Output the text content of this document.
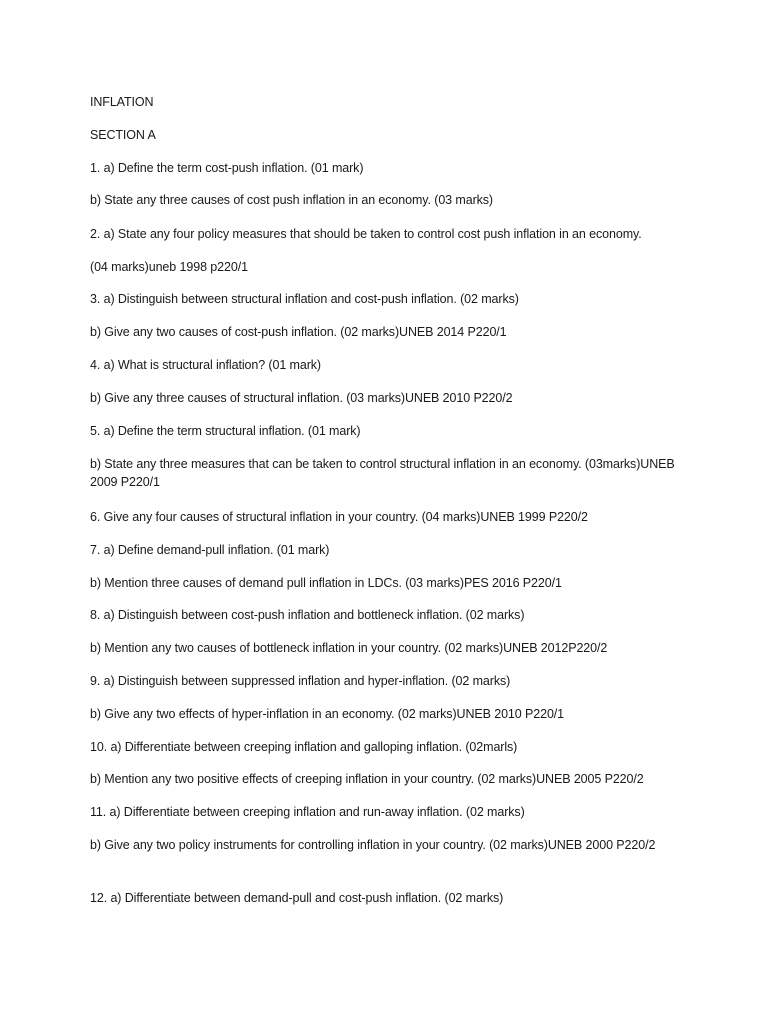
INFLATION
SECTION A
1. a) Define the term cost-push inflation. (01 mark)
b) State any three causes of cost push inflation in an economy. (03 marks)
2. a) State any four policy measures that should be taken to control cost push inflation in an economy.
(04 marks)uneb 1998 p220/1
3. a) Distinguish between structural inflation and cost-push inflation. (02 marks)
b) Give any two causes of cost-push inflation. (02 marks)UNEB 2014 P220/1
4. a) What is structural inflation? (01 mark)
b) Give any three causes of structural inflation. (03 marks)UNEB 2010 P220/2
5. a) Define the term structural inflation. (01 mark)
b) State any three measures that can be taken to control structural inflation in an economy. (03marks)UNEB 2009 P220/1
6. Give any four causes of structural inflation in your country. (04 marks)UNEB 1999 P220/2
7. a) Define demand-pull inflation. (01 mark)
b) Mention three causes of demand pull inflation in LDCs. (03 marks)PES 2016 P220/1
8. a) Distinguish between cost-push inflation and bottleneck inflation. (02 marks)
b) Mention any two causes of bottleneck inflation in your country. (02 marks)UNEB 2012P220/2
9. a) Distinguish between suppressed inflation and hyper-inflation. (02 marks)
b) Give any two effects of hyper-inflation in an economy. (02 marks)UNEB 2010 P220/1
10. a) Differentiate between creeping inflation and galloping inflation. (02marls)
b) Mention any two positive effects of creeping inflation in your country. (02 marks)UNEB 2005 P220/2
11. a) Differentiate between creeping inflation and run-away inflation. (02 marks)
b) Give any two policy instruments for controlling inflation in your country. (02 marks)UNEB 2000 P220/2
12. a) Differentiate between demand-pull and cost-push inflation. (02 marks)
